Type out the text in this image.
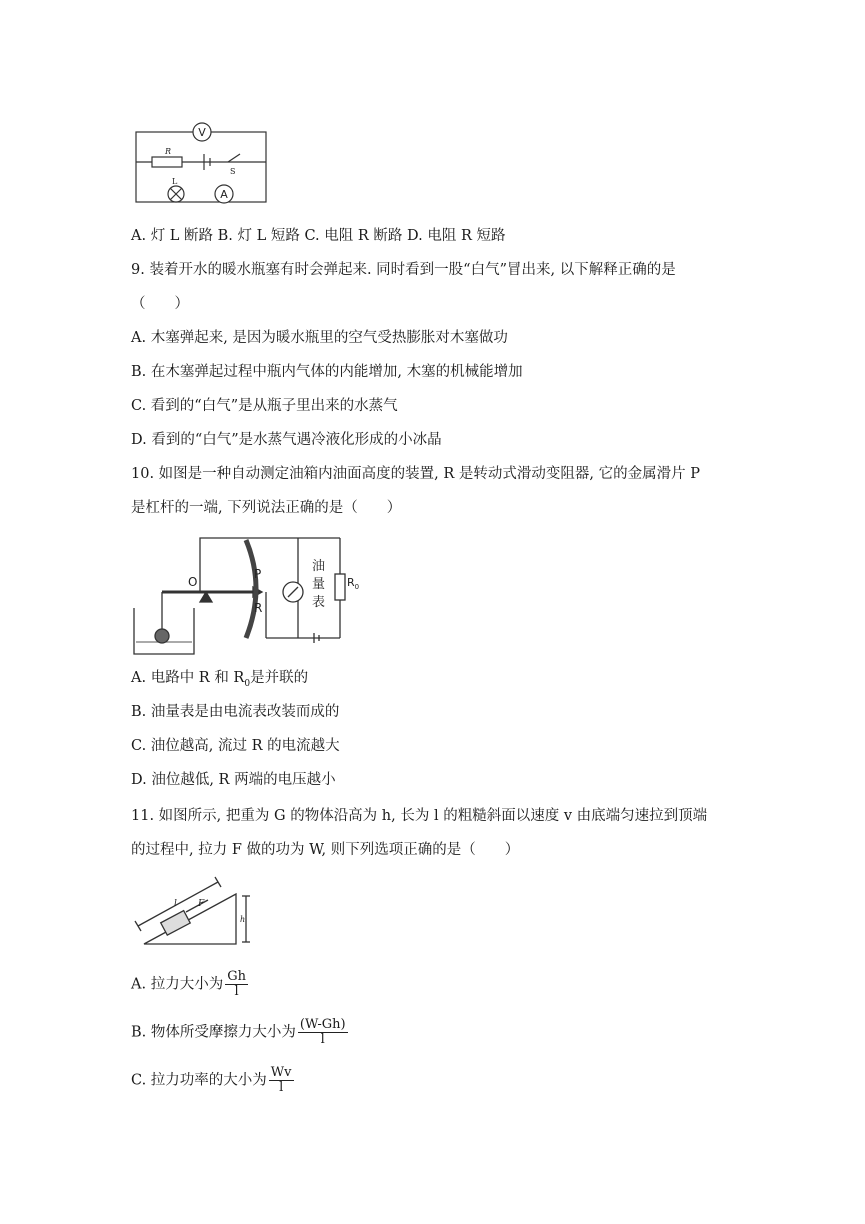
V
A
R
L
S
A. 灯 L 断路 B. 灯 L 短路 C. 电阻 R 断路 D. 电阻 R 短路
9. 装着开水的暖水瓶塞有时会弹起来. 同时看到一股“白气”冒出来, 以下解释正确的是
（　　）
A. 木塞弹起来, 是因为暖水瓶里的空气受热膨胀对木塞做功
B. 在木塞弹起过程中瓶内气体的内能增加, 木塞的机械能增加
C. 看到的“白气”是从瓶子里出来的水蒸气
D. 看到的“白气”是水蒸气遇冷液化形成的小冰晶
10. 如图是一种自动测定油箱内油面高度的装置, R 是转动式滑动变阻器, 它的金属滑片 P
是杠杆的一端, 下列说法正确的是（　　）
O
P
R
油
量
表
$R_0$
A. 电路中 R 和 $R_0$是并联的
B. 油量表是由电流表改装而成的
C. 油位越高, 流过 R 的电流越大
D. 油位越低, R 两端的电压越小
11. 如图所示, 把重为 G 的物体沿高为 h, 长为 l 的粗糙斜面以速度 v 由底端匀速拉到顶端
的过程中, 拉力 F 做的功为 W, 则下列选项正确的是（　　）
l F
h
A. 拉力大小为 $\frac{Gh}{l}$
B. 物体所受摩擦力大小为 $\frac{(W-Gh)}{l}$
C. 拉力功率的大小为 $\frac{Wv}{l}$
